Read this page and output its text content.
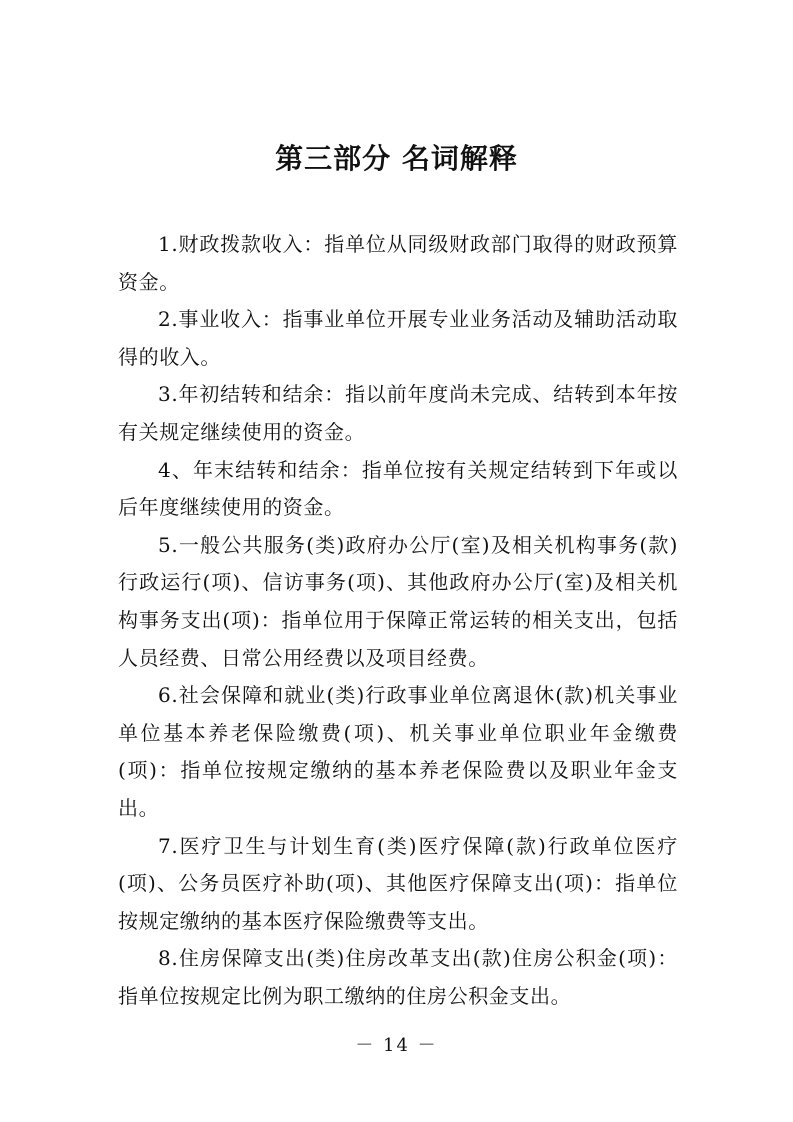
第三部分 名词解释

1.财政拨款收入：指单位从同级财政部门取得的财政预算资金。

2.事业收入：指事业单位开展专业业务活动及辅助活动取得的收入。

3.年初结转和结余：指以前年度尚未完成、结转到本年按有关规定继续使用的资金。

4、年末结转和结余：指单位按有关规定结转到下年或以后年度继续使用的资金。

5.一般公共服务(类)政府办公厅(室)及相关机构事务(款)行政运行(项)、信访事务(项)、其他政府办公厅(室)及相关机构事务支出(项)：指单位用于保障正常运转的相关支出，包括人员经费、日常公用经费以及项目经费。

6.社会保障和就业(类)行政事业单位离退休(款)机关事业单位基本养老保险缴费(项)、机关事业单位职业年金缴费(项)：指单位按规定缴纳的基本养老保险费以及职业年金支出。

7.医疗卫生与计划生育(类)医疗保障(款)行政单位医疗(项)、公务员医疗补助(项)、其他医疗保障支出(项)：指单位按规定缴纳的基本医疗保险缴费等支出。

8.住房保障支出(类)住房改革支出(款)住房公积金(项)：指单位按规定比例为职工缴纳的住房公积金支出。

－ 14 －
